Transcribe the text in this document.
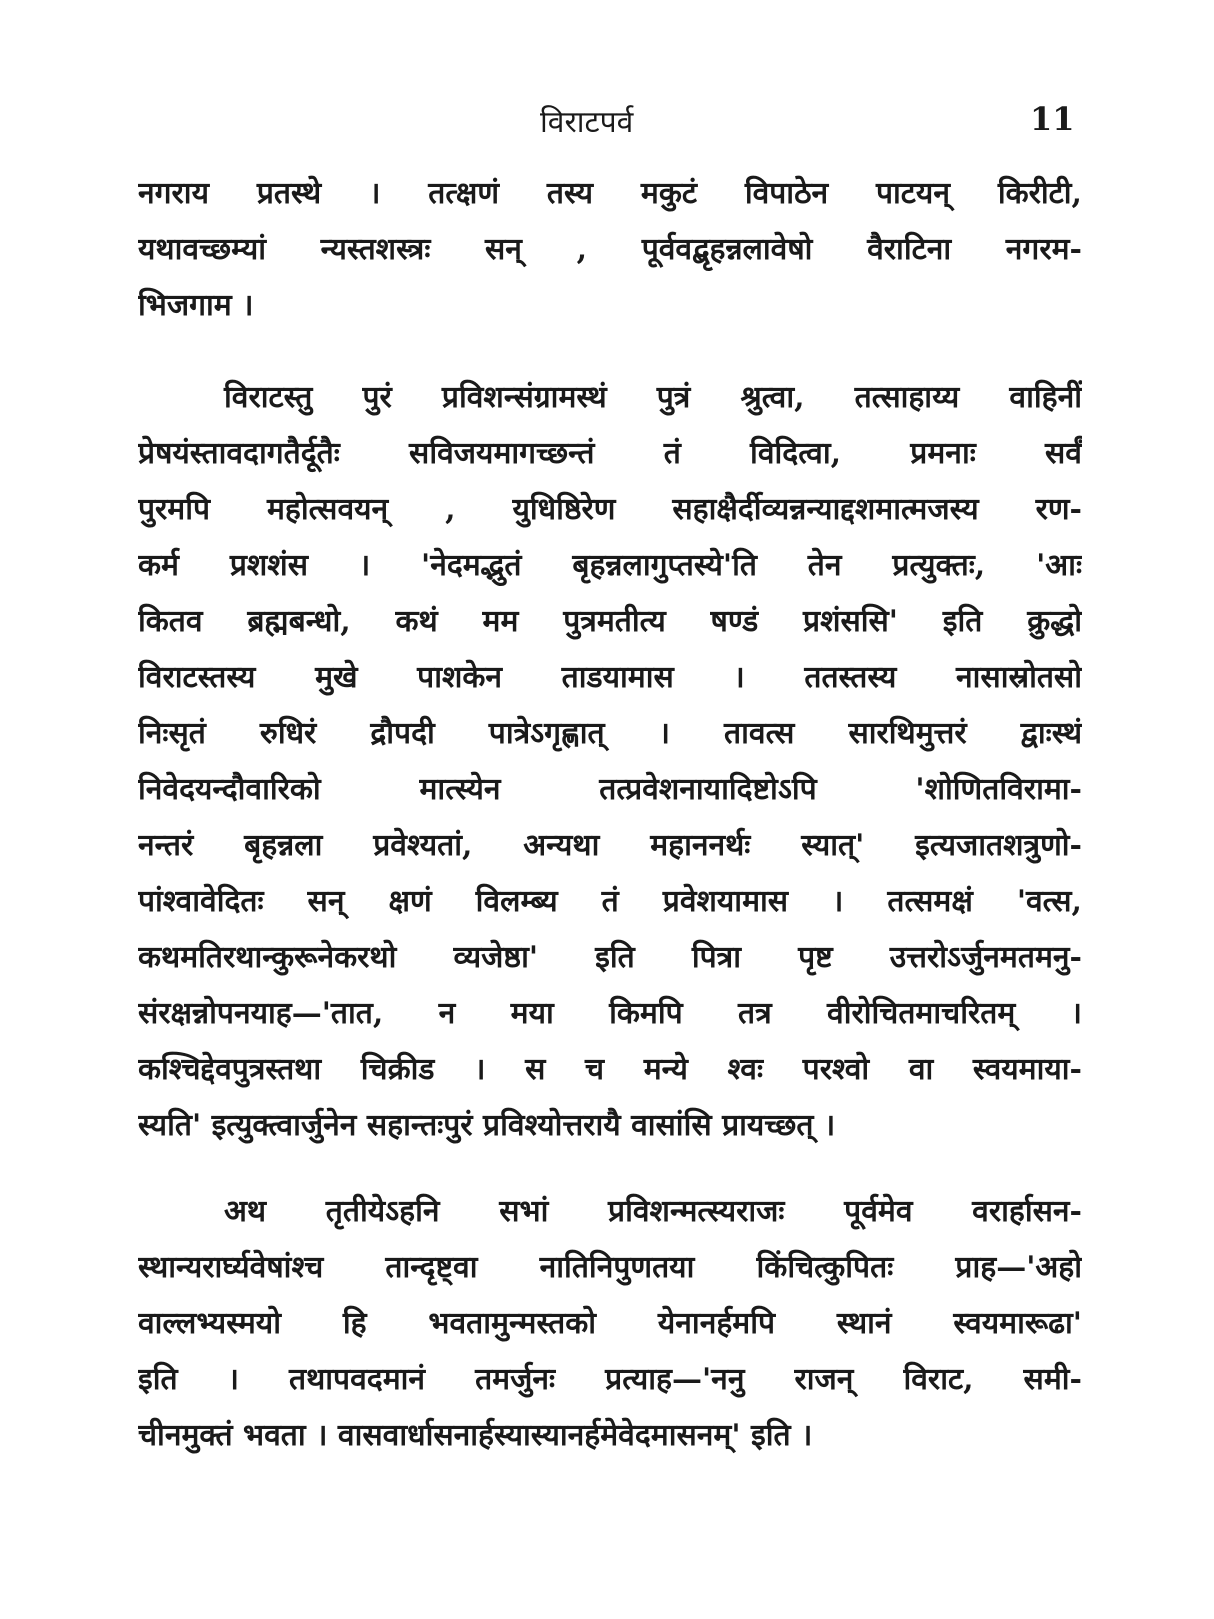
विराटपर्व	11
नगराय प्रतस्थे । तत्क्षणं तस्य मकुटं विपाठेन पाटयन् किरीटी,
यथावच्छम्यां न्यस्तशस्त्रः सन् , पूर्ववद्बृहन्नलावेषो वैराटिना नगरम-
भिजगाम ।
विराटस्तु पुरं प्रविशन्संग्रामस्थं पुत्रं श्रुत्वा, तत्साहाय्य वाहिनीं
प्रेषयंस्तावदागतैर्दूतैः सविजयमागच्छन्तं तं विदित्वा, प्रमनाः सर्वं
पुरमपि महोत्सवयन् , युधिष्ठिरेण सहाक्षैर्दीव्यन्नन्याद्दशमात्मजस्य रण-
कर्म प्रशशंस । 'नेदमद्भुतं बृहन्नलागुप्तस्ये'ति तेन प्रत्युक्तः, 'आः
कितव ब्रह्मबन्धो, कथं मम पुत्रमतीत्य षण्डं प्रशंससि' इति क्रुद्धो
विराटस्तस्य मुखे पाशकेन ताडयामास । ततस्तस्य नासास्रोतसो
निःसृतं रुधिरं द्रौपदी पात्रेऽगृह्णात् । तावत्स सारथिमुत्तरं द्वाःस्थं
निवेदयन्दौवारिको मात्स्येन तत्प्रवेशनायादिष्टोऽपि 'शोणितविरामा-
नन्तरं बृहन्नला प्रवेश्यतां, अन्यथा महाननर्थः स्यात्' इत्यजातशत्रुणो-
पांश्वावेदितः सन् क्षणं विलम्ब्य तं प्रवेशयामास । तत्समक्षं 'वत्स,
कथमतिरथान्कुरूनेकरथो व्यजेष्ठा' इति पित्रा पृष्ट उत्तरोऽर्जुनमतमनु-
संरक्षन्नोपनयाह—'तात, न मया किमपि तत्र वीरोचितमाचरितम् ।
कश्चिद्देवपुत्रस्तथा चिक्रीड । स च मन्ये श्वः परश्वो वा स्वयमाया-
स्यति' इत्युक्त्वार्जुनेन सहान्तःपुरं प्रविश्योत्तरायै वासांसि प्रायच्छत् ।
अथ तृतीयेऽहनि सभां प्रविशन्मत्स्यराजः पूर्वमेव वरार्हासन-
स्थान्यरार्घ्यवेषांश्च तान्दृष्ट्वा नातिनिपुणतया किंचित्कुपितः प्राह—'अहो
वाल्लभ्यस्मयो हि भवतामुन्मस्तको येनानर्हमपि स्थानं स्वयमारूढा'
इति । तथापवदमानं तमर्जुनः प्रत्याह—'ननु राजन् विराट, समी-
चीनमुक्तं भवता । वासवार्धासनार्हस्यास्यानर्हमेवेदमासनम्' इति ।
